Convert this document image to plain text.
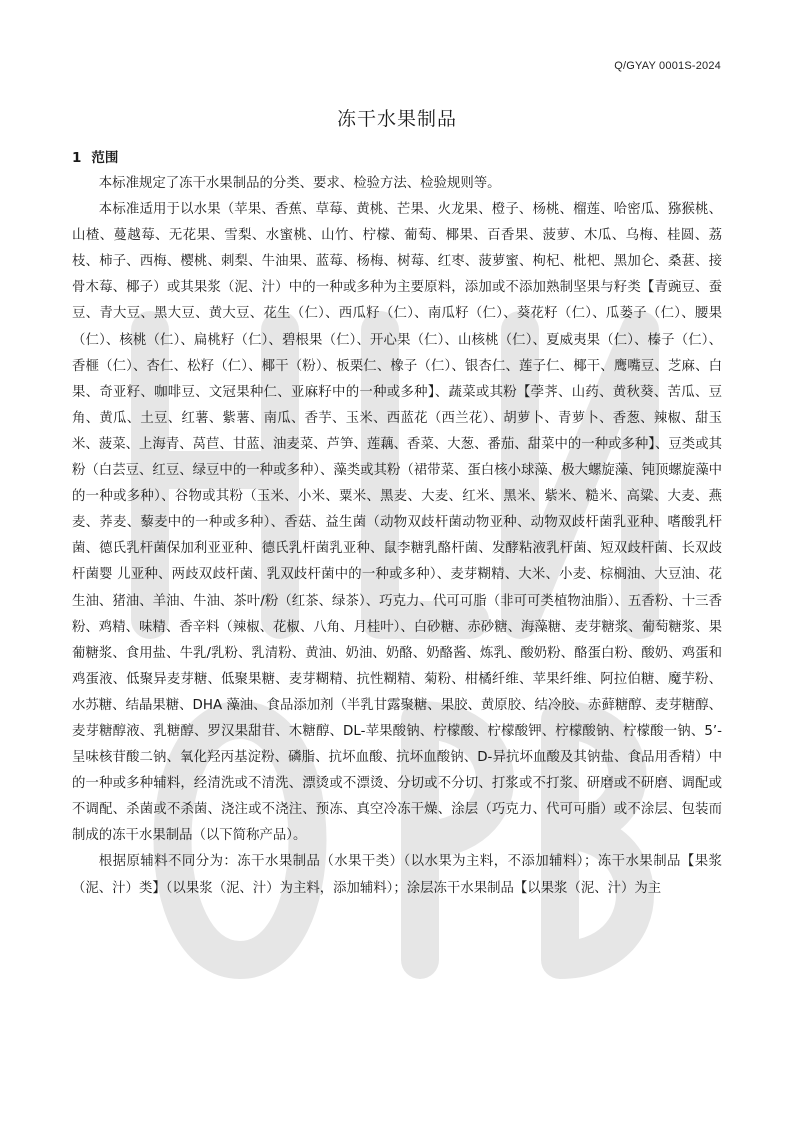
Q/GYAY 0001S-2024
冻干水果制品
1 范围

本标准规定了冻干水果制品的分类、要求、检验方法、检验规则等。

本标准适用于以水果（苹果、香蕉、草莓、黄桃、芒果、火龙果、橙子、杨桃、榴莲、哈密瓜、猕猴桃、山楂、蔓越莓、无花果、雪梨、水蜜桃、山竹、柠檬、葡萄、椰果、百香果、菠萝、木瓜、乌梅、桂圆、荔枝、柿子、西梅、樱桃、刺梨、牛油果、蓝莓、杨梅、树莓、红枣、菠萝蜜、枸杞、枇杷、黑加仑、桑葚、接骨木莓、椰子）或其果浆（泥、汁）中的一种或多种为主要原料，添加或不添加熟制坚果与籽类【青豌豆、蚕豆、青大豆、黑大豆、黄大豆、花生（仁）、西瓜籽（仁）、南瓜籽（仁）、葵花籽（仁）、瓜蒌子（仁）、腰果（仁）、核桃（仁）、扁桃籽（仁）、碧根果（仁）、开心果（仁）、山核桃（仁）、夏威夷果（仁）、榛子（仁）、香榧（仁）、杏仁、松籽（仁）、椰干（粉）、板栗仁、橡子（仁）、银杏仁、莲子仁、椰干、鹰嘴豆、芝麻、白果、奇亚籽、咖啡豆、文冠果种仁、亚麻籽中的一种或多种】、蔬菜或其粉【荸荠、山药、黄秋葵、苦瓜、豆角、黄瓜、土豆、红薯、紫薯、南瓜、香芋、玉米、西蓝花（西兰花）、胡萝卜、青萝卜、香葱、辣椒、甜玉米、菠菜、上海青、莴苣、甘蓝、油麦菜、芦笋、莲藕、香菜、大葱、番茄、甜菜中的一种或多种】、豆类或其粉（白芸豆、红豆、绿豆中的一种或多种）、藻类或其粉（裙带菜、蛋白核小球藻、极大螺旋藻、钝顶螺旋藻中的一种或多种）、谷物或其粉（玉米、小米、粟米、黑麦、大麦、红米、黑米、紫米、糙米、高粱、大麦、燕麦、荞麦、藜麦中的一种或多种）、香菇、益生菌（动物双歧杆菌动物亚种、动物双歧杆菌乳亚种、嗜酸乳杆菌、德氏乳杆菌保加利亚亚种、德氏乳杆菌乳亚种、鼠李糖乳酪杆菌、发酵粘液乳杆菌、短双歧杆菌、长双歧杆菌婴 儿亚种、两歧双歧杆菌、乳双歧杆菌中的一种或多种）、麦芽糊精、大米、小麦、棕榈油、大豆油、花生油、猪油、羊油、牛油、茶叶/粉（红茶、绿茶）、巧克力、代可可脂（非可可类植物油脂）、五香粉、十三香粉、鸡精、味精、香辛料（辣椒、花椒、八角、月桂叶）、白砂糖、赤砂糖、海藻糖、麦芽糖浆、葡萄糖浆、果葡糖浆、食用盐、牛乳/乳粉、乳清粉、黄油、奶油、奶酪、奶酪酱、炼乳、酸奶粉、酪蛋白粉、酸奶、鸡蛋和鸡蛋液、低聚异麦芽糖、低聚果糖、麦芽糊精、抗性糊精、菊粉、柑橘纤维、苹果纤维、阿拉伯糖、魔芋粉、水苏糖、结晶果糖、DHA 藻油、食品添加剂（半乳甘露聚糖、果胶、黄原胶、结冷胶、赤藓糖醇、麦芽糖醇、麦芽糖醇液、乳糖醇、罗汉果甜苷、木糖醇、DL-苹果酸钠、柠檬酸、柠檬酸钾、柠檬酸钠、柠檬酸一钠、5’-呈味核苷酸二钠、氧化羟丙基淀粉、磷脂、抗坏血酸、抗坏血酸钠、D-异抗坏血酸及其钠盐、食品用香精）中的一种或多种辅料，经清洗或不清洗、漂烫或不漂烫、分切或不分切、打浆或不打浆、研磨或不研磨、调配或不调配、杀菌或不杀菌、浇注或不浇注、预冻、真空冷冻干燥、涂层（巧克力、代可可脂）或不涂层、包装而制成的冻干水果制品（以下简称产品）。

根据原辅料不同分为：冻干水果制品（水果干类）（以水果为主料，不添加辅料）；冻干水果制品【果浆（泥、汁）类】（以果浆（泥、汁）为主料，添加辅料）；涂层冻干水果制品【以果浆（泥、汁）为主
